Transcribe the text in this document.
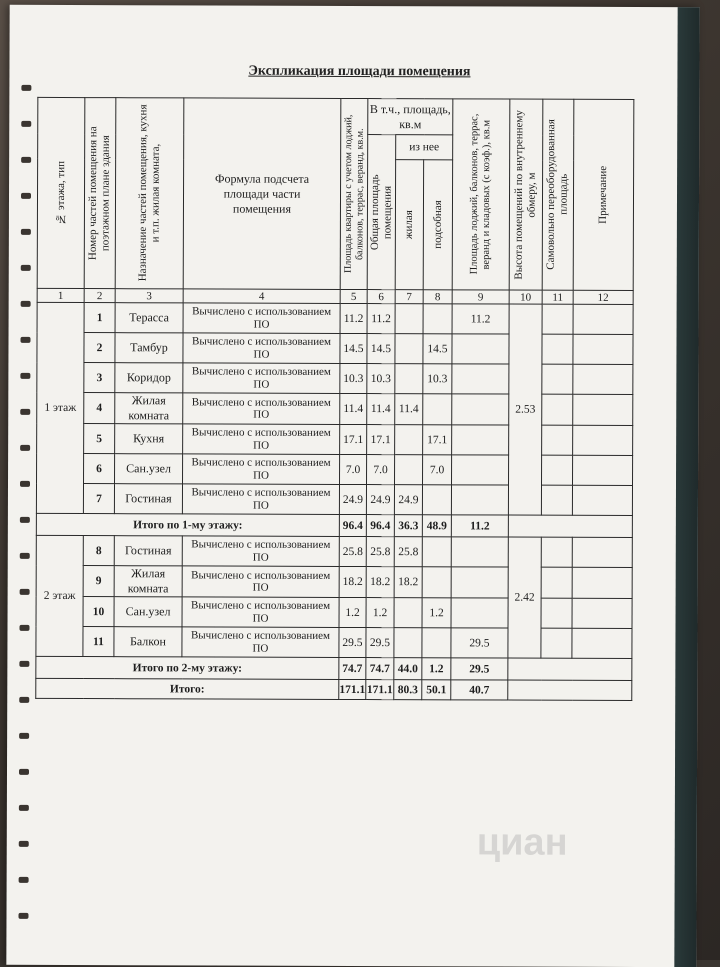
Экспликация площади помещения
№ этажа, тип	Номер частей помещения на поэтажном плане здания	Назначение частей помещения, кухня и т.п. жилая комната,	Формула подсчета площади части помещения	Площадь квартиры с учетом лоджий, балконов, террас, веранд, кв.м.	В т.ч., площадь, кв.м			Площадь лоджий, балконов, террас, веранд и кладовых (с коэф.), кв.м	Высота помещений по внутреннему обмеру, м	Самовольно переоборудованная площадь	Примечание

					Общая площадь помещения	из нее					

						жилая	подсобная				

1	2	3	4	5	6	7	8	9	10	11	12
1 этаж	1	Терасса	Вычислено с использованием ПО	11.2	11.2			11.2	2.53		
	2	Тамбур	Вычислено с использованием ПО	14.5	14.5		14.5				
	3	Коридор	Вычислено с использованием ПО	10.3	10.3		10.3				
	4	Жилая комната	Вычислено с использованием ПО	11.4	11.4	11.4					
	5	Кухня	Вычислено с использованием ПО	17.1	17.1		17.1				
	6	Сан.узел	Вычислено с использованием ПО	7.0	7.0		7.0				
	7	Гостиная	Вычислено с использованием ПО	24.9	24.9	24.9					
Итого по 1-му этажу:				96.4	96.4	36.3	48.9	11.2			
2 этаж	8	Гостиная	Вычислено с использованием ПО	25.8	25.8	25.8			2.42		
	9	Жилая комната	Вычислено с использованием ПО	18.2	18.2	18.2					
	10	Сан.узел	Вычислено с использованием ПО	1.2	1.2		1.2				
	11	Балкон	Вычислено с использованием ПО	29.5	29.5			29.5			
Итого по 2-му этажу:				74.7	74.7	44.0	1.2	29.5			
Итого:				171.1	171.1	80.3	50.1	40.7			
циан
